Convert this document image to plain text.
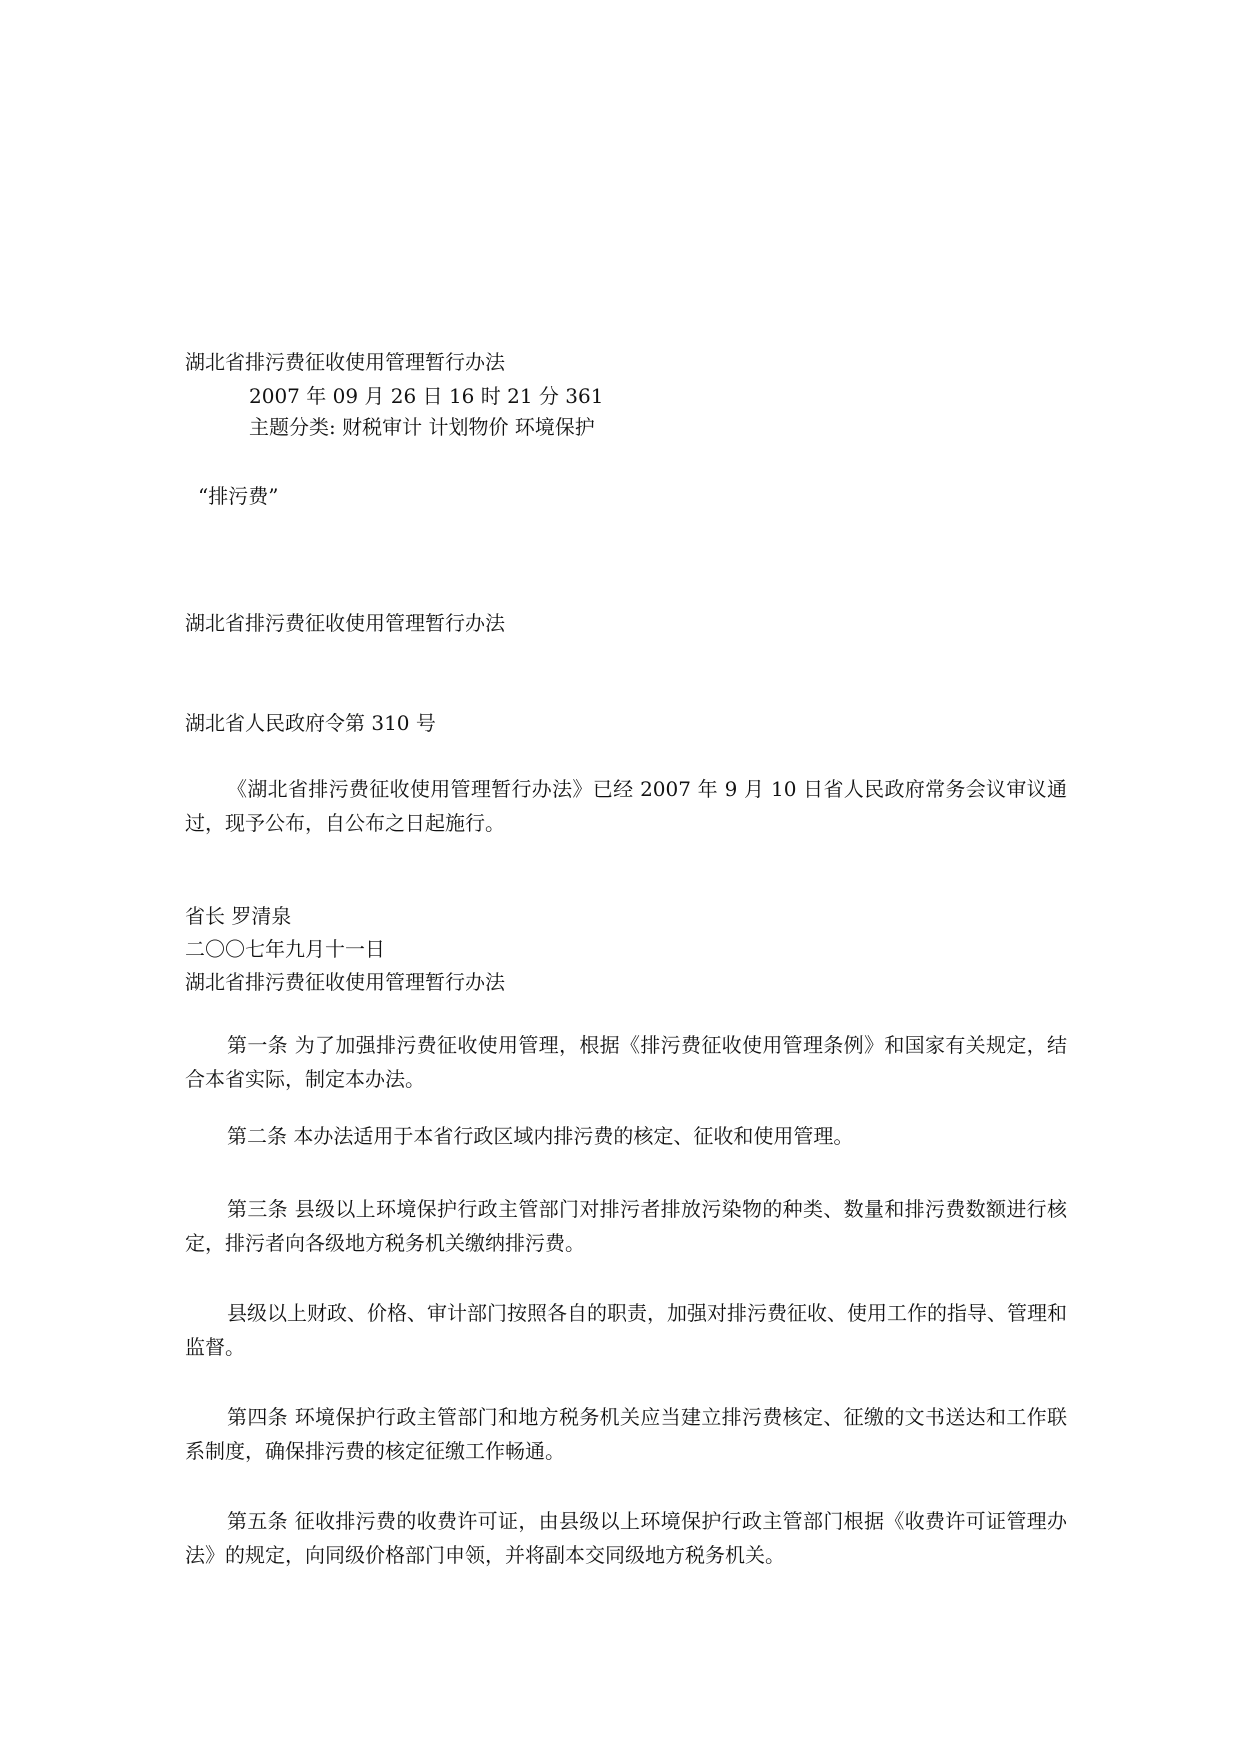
湖北省排污费征收使用管理暂行办法
2007 年 09 月 26 日 16 时 21 分 361
主题分类: 财税审计 计划物价 环境保护
“排污费”
湖北省排污费征收使用管理暂行办法
湖北省人民政府令第 310 号
《湖北省排污费征收使用管理暂行办法》已经 2007 年 9 月 10 日省人民政府常务会议审议通过，现予公布，自公布之日起施行。
省长 罗清泉
二〇〇七年九月十一日
湖北省排污费征收使用管理暂行办法
第一条 为了加强排污费征收使用管理，根据《排污费征收使用管理条例》和国家有关规定，结合本省实际，制定本办法。
第二条 本办法适用于本省行政区域内排污费的核定、征收和使用管理。
第三条 县级以上环境保护行政主管部门对排污者排放污染物的种类、数量和排污费数额进行核定，排污者向各级地方税务机关缴纳排污费。
县级以上财政、价格、审计部门按照各自的职责，加强对排污费征收、使用工作的指导、管理和监督。
第四条 环境保护行政主管部门和地方税务机关应当建立排污费核定、征缴的文书送达和工作联系制度，确保排污费的核定征缴工作畅通。
第五条 征收排污费的收费许可证，由县级以上环境保护行政主管部门根据《收费许可证管理办法》的规定，向同级价格部门申领，并将副本交同级地方税务机关。
